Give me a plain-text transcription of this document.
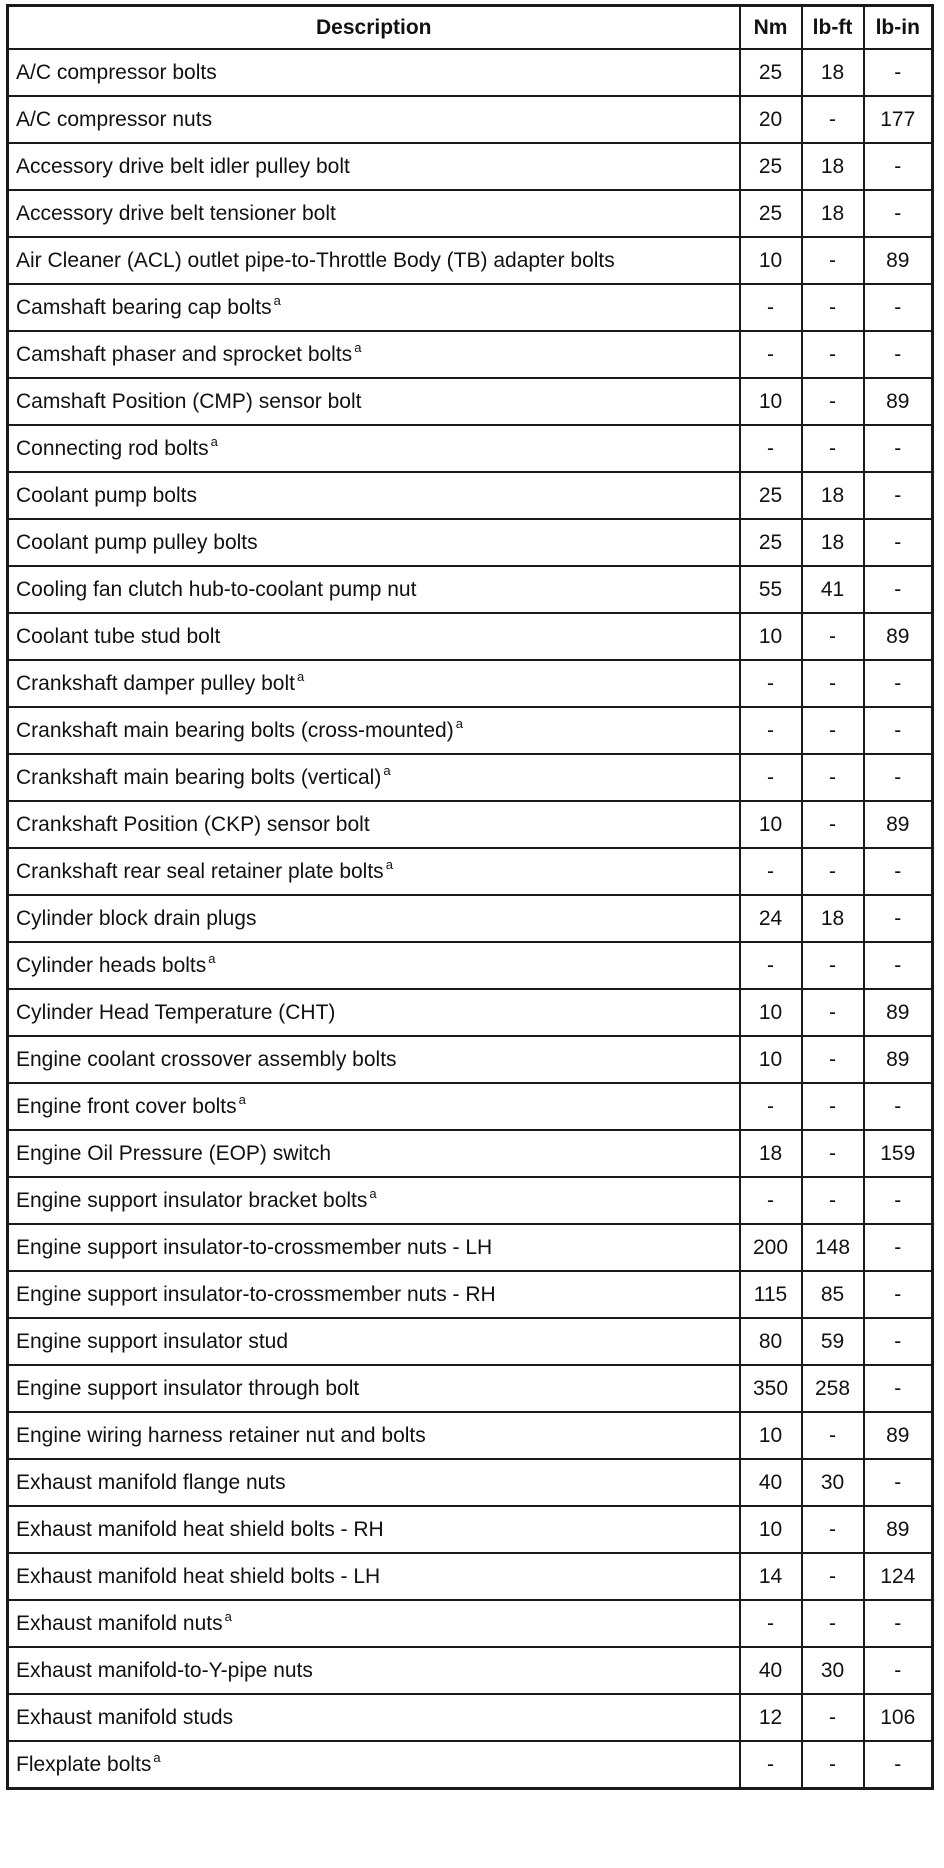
Description	Nm	lb-ft	lb-in
A/C compressor bolts	25	18	-
A/C compressor nuts	20	-	177
Accessory drive belt idler pulley bolt	25	18	-
Accessory drive belt tensioner bolt	25	18	-
Air Cleaner (ACL) outlet pipe-to-Throttle Body (TB) adapter bolts	10	-	89
Camshaft bearing cap bolts $^a$	-	-	-
Camshaft phaser and sprocket bolts $^a$	-	-	-
Camshaft Position (CMP) sensor bolt	10	-	89
Connecting rod bolts $^a$	-	-	-
Coolant pump bolts	25	18	-
Coolant pump pulley bolts	25	18	-
Cooling fan clutch hub-to-coolant pump nut	55	41	-
Coolant tube stud bolt	10	-	89
Crankshaft damper pulley bolt $^a$	-	-	-
Crankshaft main bearing bolts (cross-mounted) $^a$	-	-	-
Crankshaft main bearing bolts (vertical) $^a$	-	-	-
Crankshaft Position (CKP) sensor bolt	10	-	89
Crankshaft rear seal retainer plate bolts $^a$	-	-	-
Cylinder block drain plugs	24	18	-
Cylinder heads bolts $^a$	-	-	-
Cylinder Head Temperature (CHT)	10	-	89
Engine coolant crossover assembly bolts	10	-	89
Engine front cover bolts $^a$	-	-	-
Engine Oil Pressure (EOP) switch	18	-	159
Engine support insulator bracket bolts $^a$	-	-	-
Engine support insulator-to-crossmember nuts - LH	200	148	-
Engine support insulator-to-crossmember nuts - RH	115	85	-
Engine support insulator stud	80	59	-
Engine support insulator through bolt	350	258	-
Engine wiring harness retainer nut and bolts	10	-	89
Exhaust manifold flange nuts	40	30	-
Exhaust manifold heat shield bolts - RH	10	-	89
Exhaust manifold heat shield bolts - LH	14	-	124
Exhaust manifold nuts $^a$	-	-	-
Exhaust manifold-to-Y-pipe nuts	40	30	-
Exhaust manifold studs	12	-	106
Flexplate bolts $^a$	-	-	-
